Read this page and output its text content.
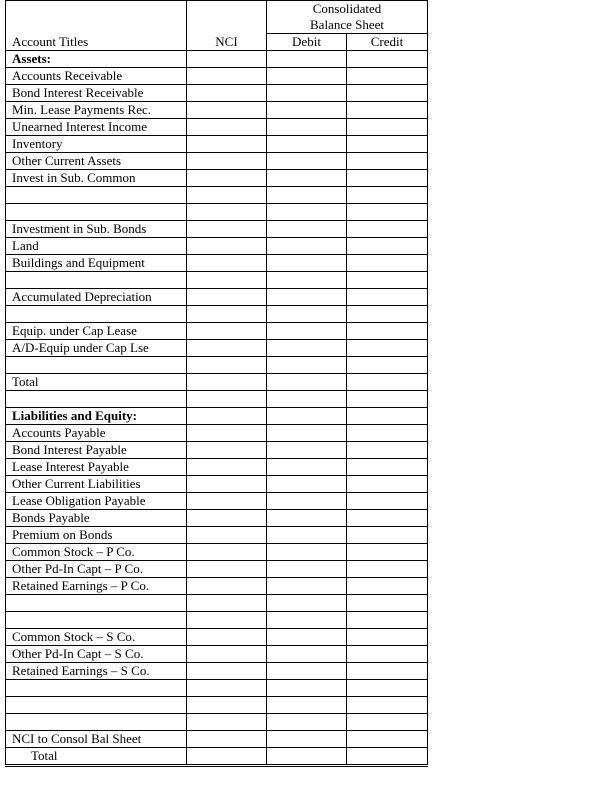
		Consolidated	
		Balance Sheet	
Account Titles	NCI	Debit	Credit
Assets:			
Accounts Receivable			
Bond Interest Receivable			
Min. Lease Payments Rec.			
Unearned Interest Income			
Inventory			
Other Current Assets			
Invest in Sub. Common			

Investment in Sub. Bonds			
Land			
Buildings and Equipment			

Accumulated Depreciation			

Equip. under Cap Lease			
A/D-Equip under Cap Lse			

Total			

Liabilities and Equity:			
Accounts Payable			
Bond Interest Payable			
Lease Interest Payable			
Other Current Liabilities			
Lease Obligation Payable			
Bonds Payable			
Premium on Bonds			
Common Stock – P Co.			
Other Pd-In Capt – P Co.			
Retained Earnings – P Co.			

Common Stock – S Co.			
Other Pd-In Capt – S Co.			
Retained Earnings – S Co.			

NCI to Consol Bal Sheet			
Total			
